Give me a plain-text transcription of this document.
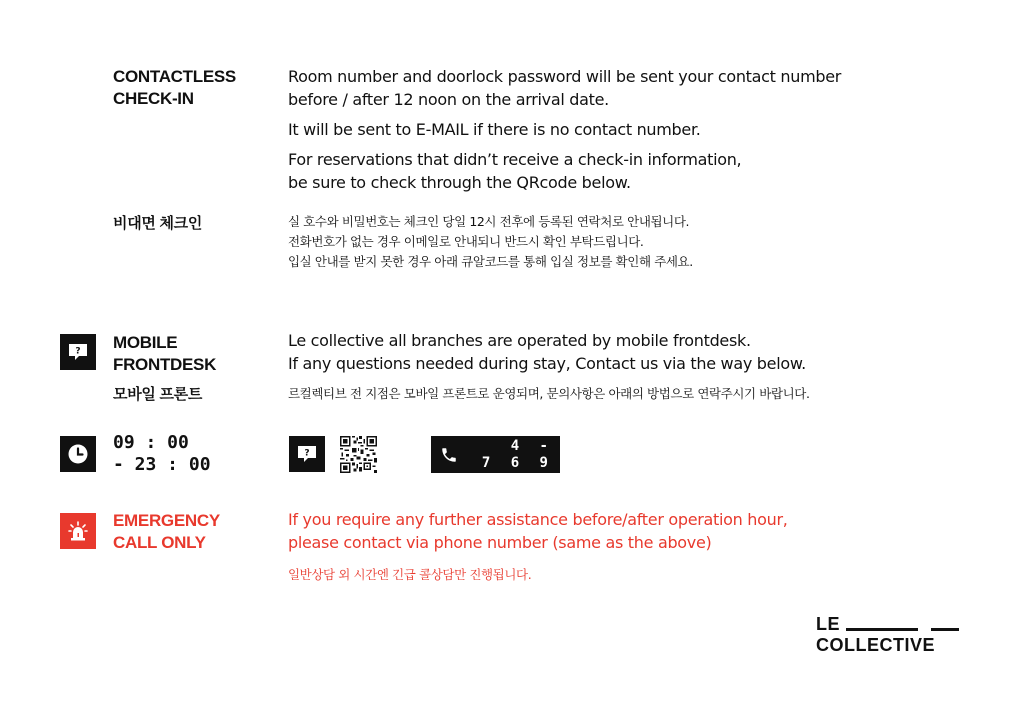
CONTACTLESS
CHECK-IN
Room number and doorlock password will be sent your contact number
before / after 12 noon on the arrival date.
It will be sent to E-MAIL if there is no contact number.
For reservations that didn’t receive a check-in information,
be sure to check through the QRcode below.
비대면 체크인	실 호수와 비밀번호는 체크인 당일 12시 전후에 등록된 연락처로 안내됩니다.
전화번호가 없는 경우 이메일로 안내되니 반드시 확인 부탁드립니다.
입실 안내를 받지 못한 경우 아래 큐알코드를 통해 입실 정보를 확인해 주세요.
? MOBILE
FRONTDESK
Le collective all branches are operated by mobile frontdesk.
If any questions needed during stay, Contact us via the way below.
모바일 프론트	르컬렉티브 전 지점은 모바일 프론트로 운영되며, 문의사항은 아래의 방법으로 연락주시기 바랍니다.
09 : 00
- 23 : 00
?
1 6 4 4 -
7 6 9 4
EMERGENCY
CALL ONLY
If you require any further assistance before/after operation hour,
please contact via phone number (same as the above)
일반상담 외 시간엔 긴급 콜상담만 진행됩니다.
LE
COLLECTIVE
